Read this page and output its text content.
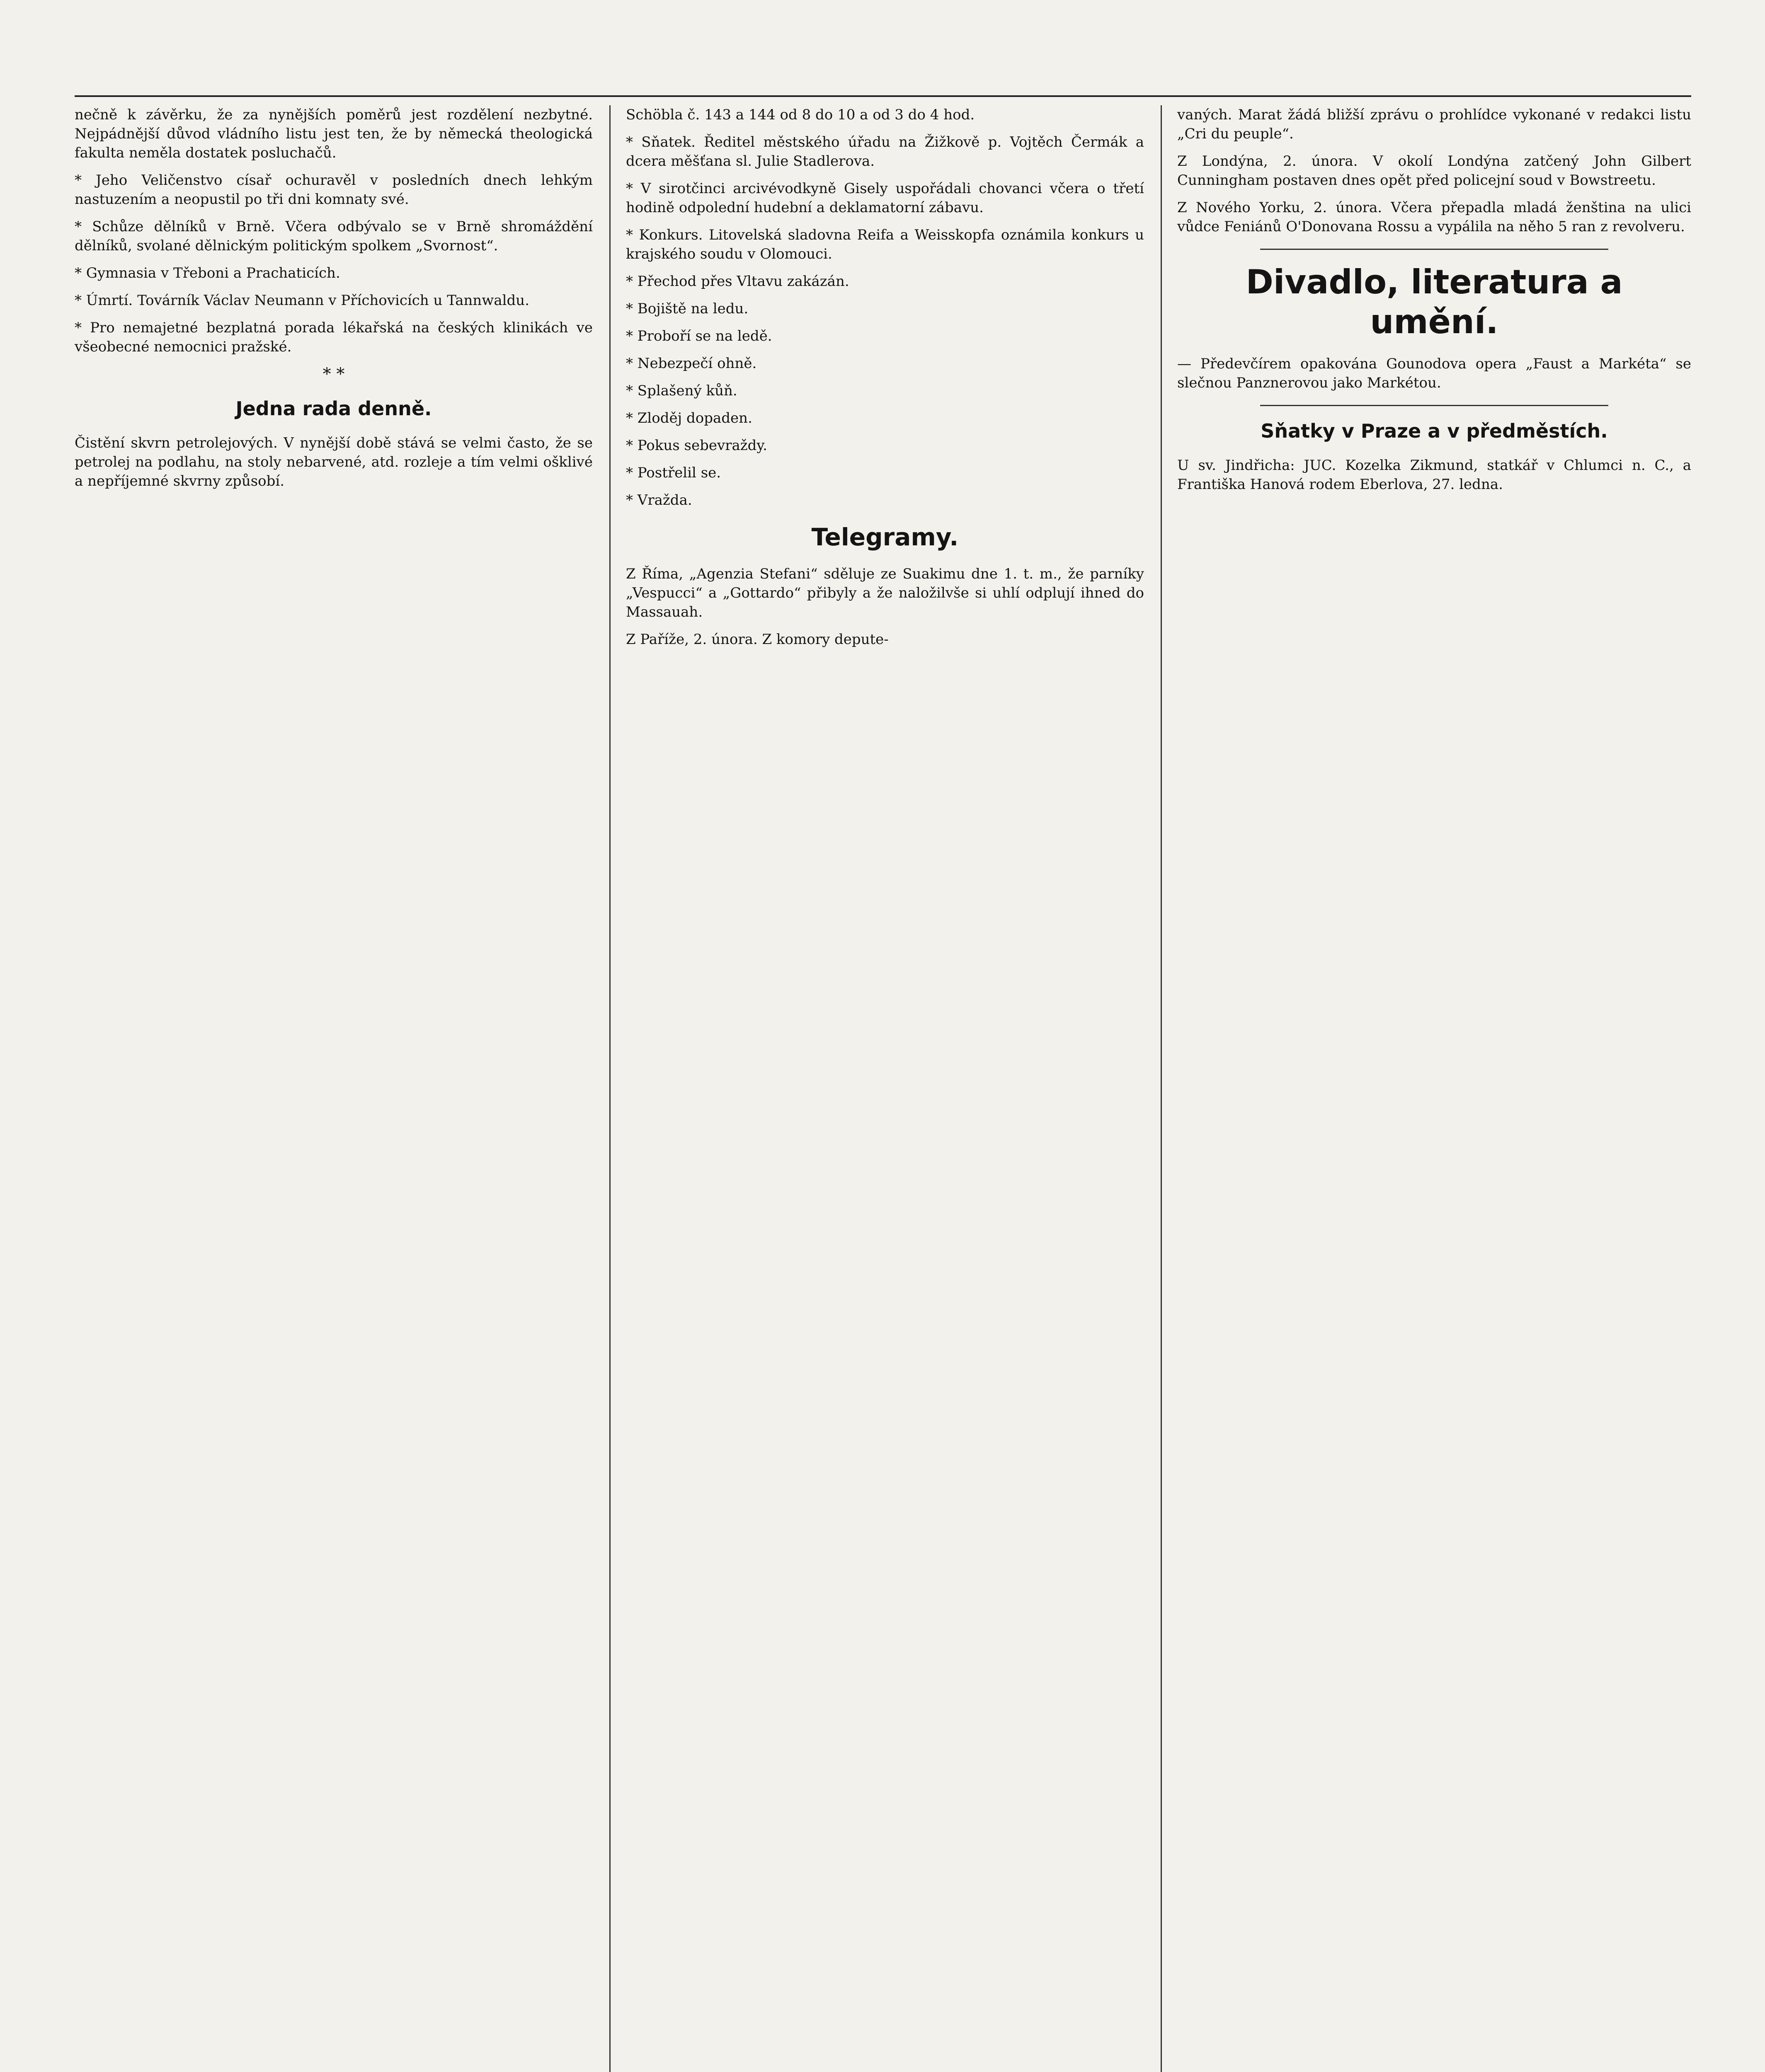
nečně k závěrku, že za nynějších poměrů jest rozdělení nezbytné. Nejpádnější důvod vládního listu jest ten, že by německá theologická fakulta neměla dostatek posluchačů.

* Jeho Veličenstvo císař ochuravěl v posledních dnech lehkým nastuzením a neopustil po tři dni komnaty své.

* Schůze dělníků v Brně. Včera odbývalo se v Brně shromáždění dělníků, svolané dělnickým politickým spolkem „Svornost“.

* Gymnasia v Třeboni a Prachaticích.

* Úmrtí. Továrník Václav Neumann v Příchovicích u Tannwaldu.

* Pro nemajetné bezplatná porada lékařská na českých klinikách ve všeobecné nemocnici pražské.

* *
Jedna rada denně.

Čistění skvrn petrolejových. V nynější době stává se velmi často, že se petrolej na podlahu, na stoly nebarvené, atd. rozleje a tím velmi ošklivé a nepříjemné skvrny způsobí.

Schöbla č. 143 a 144 od 8 do 10 a od 3 do 4 hod.

* Sňatek. Ředitel městského úřadu na Žižkově p. Vojtěch Čermák a dcera měšťana sl. Julie Stadlerova.

* V sirotčinci arcivévodkyně Gisely uspořádali chovanci včera o třetí hodině odpolední hudební a deklamatorní zábavu.

* Konkurs. Litovelská sladovna Reifa a Weisskopfa oznámila konkurs u krajského soudu v Olomouci.

* Přechod přes Vltavu zakázán.

* Bojiště na ledu.

* Proboří se na ledě.

* Nebezpečí ohně.

* Splašený kůň.

* Zloděj dopaden.

* Pokus sebevraždy.

* Postřelil se.

* Vražda.

Telegramy.

Z Říma, „Agenzia Stefani“ sděluje ze Suakimu dne 1. t. m., že parníky „Vespucci“ a „Gottardo“ přibyly a že naložilvše si uhlí odplují ihned do Massauah.

Z Paříže, 2. února. Z komory depute-

vaných. Marat žádá bližší zprávu o prohlídce vykonané v redakci listu „Cri du peuple“.

Z Londýna, 2. února. V okolí Londýna zatčený John Gilbert Cunningham postaven dnes opět před policejní soud v Bowstreetu.

Z Nového Yorku, 2. února. Včera přepadla mladá ženština na ulici vůdce Feniánů O'Donovana Rossu a vypálila na něho 5 ran z revolveru.

Divadlo, literatura a umění.

— Předevčírem opakována Gounodova opera „Faust a Markéta“ se slečnou Panznerovou jako Markétou.

Sňatky v Praze a v předměstích.

U sv. Jindřicha: JUC. Kozelka Zikmund, statkář v Chlumci n. C., a Františka Hanová rodem Eberlova, 27. ledna.
